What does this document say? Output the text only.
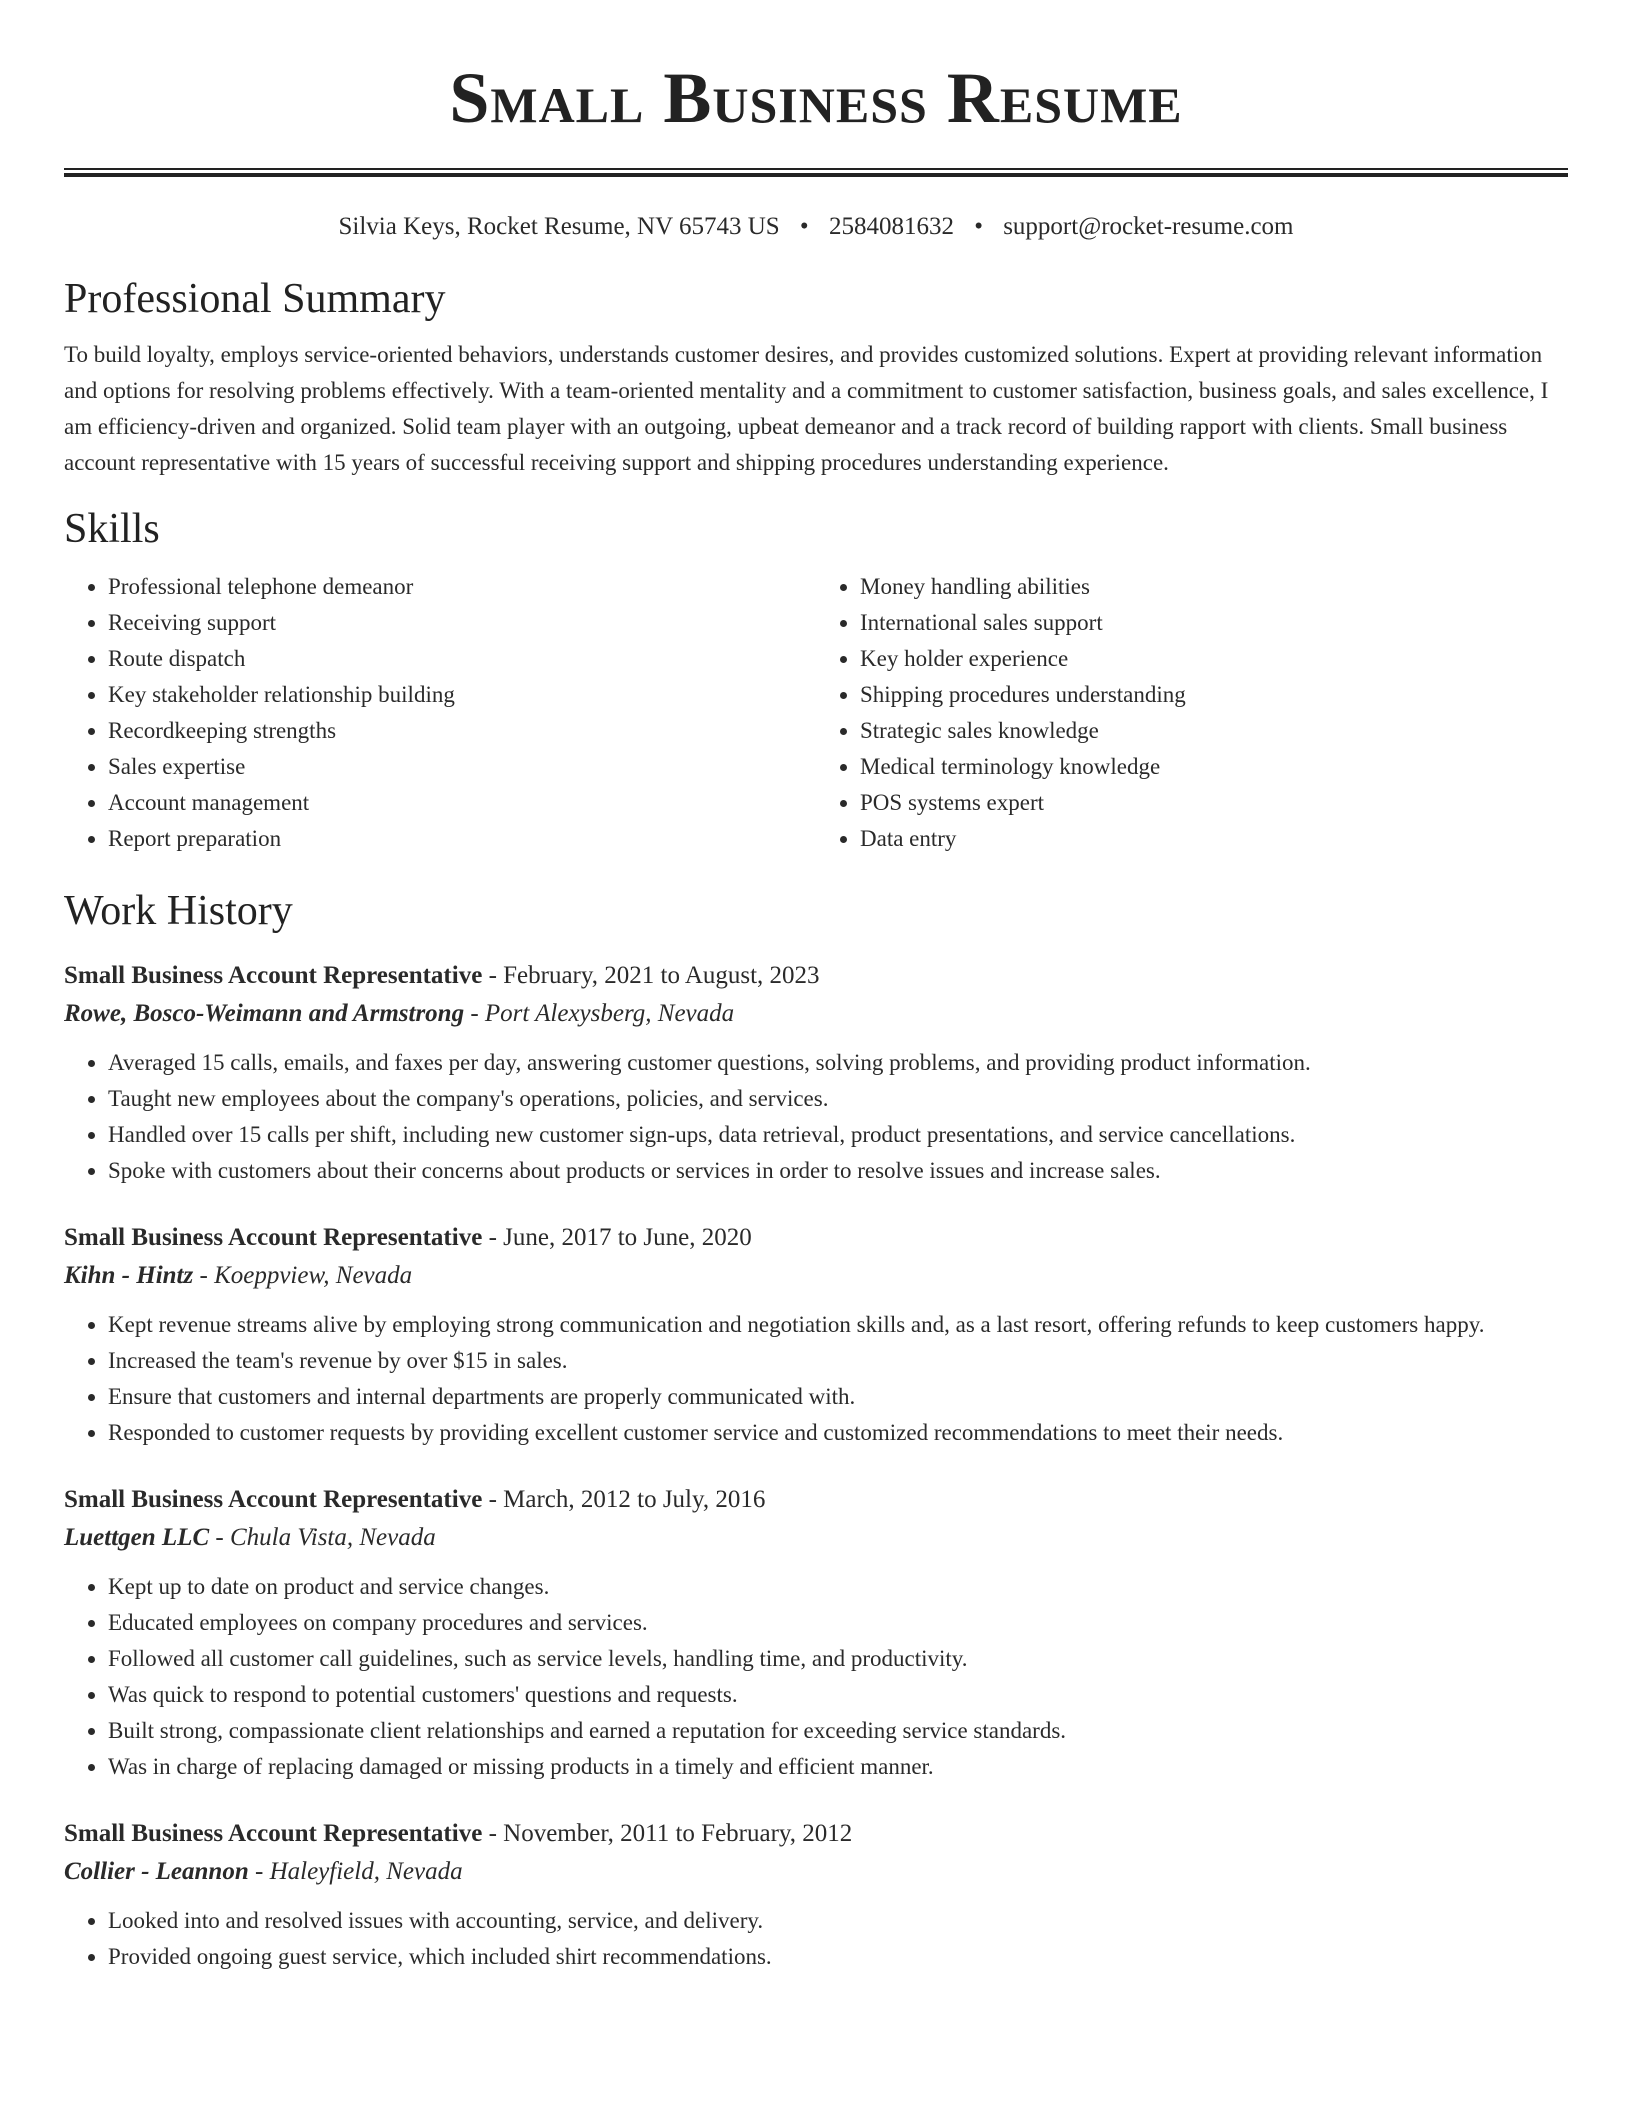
Small Business Resume
Silvia Keys, Rocket Resume, NV 65743 US • 2584081632 • support@rocket-resume.com
Professional Summary

To build loyalty, employs service-oriented behaviors, understands customer desires, and provides customized solutions. Expert at providing relevant information and options for resolving problems effectively. With a team-oriented mentality and a commitment to customer satisfaction, business goals, and sales excellence, I am efficiency-driven and organized. Solid team player with an outgoing, upbeat demeanor and a track record of building rapport with clients. Small business account representative with 15 years of successful receiving support and shipping procedures understanding experience.

Skills
• Professional telephone demeanor
• Receiving support
• Route dispatch
• Key stakeholder relationship building
• Recordkeeping strengths
• Sales expertise
• Account management
• Report preparation
• Money handling abilities
• International sales support
• Key holder experience
• Shipping procedures understanding
• Strategic sales knowledge
• Medical terminology knowledge
• POS systems expert
• Data entry
Work History
Small Business Account Representative - February, 2021 to August, 2023
Rowe, Bosco-Weimann and Armstrong - Port Alexysberg, Nevada
• Averaged 15 calls, emails, and faxes per day, answering customer questions, solving problems, and providing product information.
• Taught new employees about the company's operations, policies, and services.
• Handled over 15 calls per shift, including new customer sign-ups, data retrieval, product presentations, and service cancellations.
• Spoke with customers about their concerns about products or services in order to resolve issues and increase sales.
Small Business Account Representative - June, 2017 to June, 2020
Kihn - Hintz - Koeppview, Nevada
• Kept revenue streams alive by employing strong communication and negotiation skills and, as a last resort, offering refunds to keep customers happy.
• Increased the team's revenue by over $15 in sales.
• Ensure that customers and internal departments are properly communicated with.
• Responded to customer requests by providing excellent customer service and customized recommendations to meet their needs.
Small Business Account Representative - March, 2012 to July, 2016
Luettgen LLC - Chula Vista, Nevada
• Kept up to date on product and service changes.
• Educated employees on company procedures and services.
• Followed all customer call guidelines, such as service levels, handling time, and productivity.
• Was quick to respond to potential customers' questions and requests.
• Built strong, compassionate client relationships and earned a reputation for exceeding service standards.
• Was in charge of replacing damaged or missing products in a timely and efficient manner.
Small Business Account Representative - November, 2011 to February, 2012
Collier - Leannon - Haleyfield, Nevada
• Looked into and resolved issues with accounting, service, and delivery.
• Provided ongoing guest service, which included shirt recommendations.
